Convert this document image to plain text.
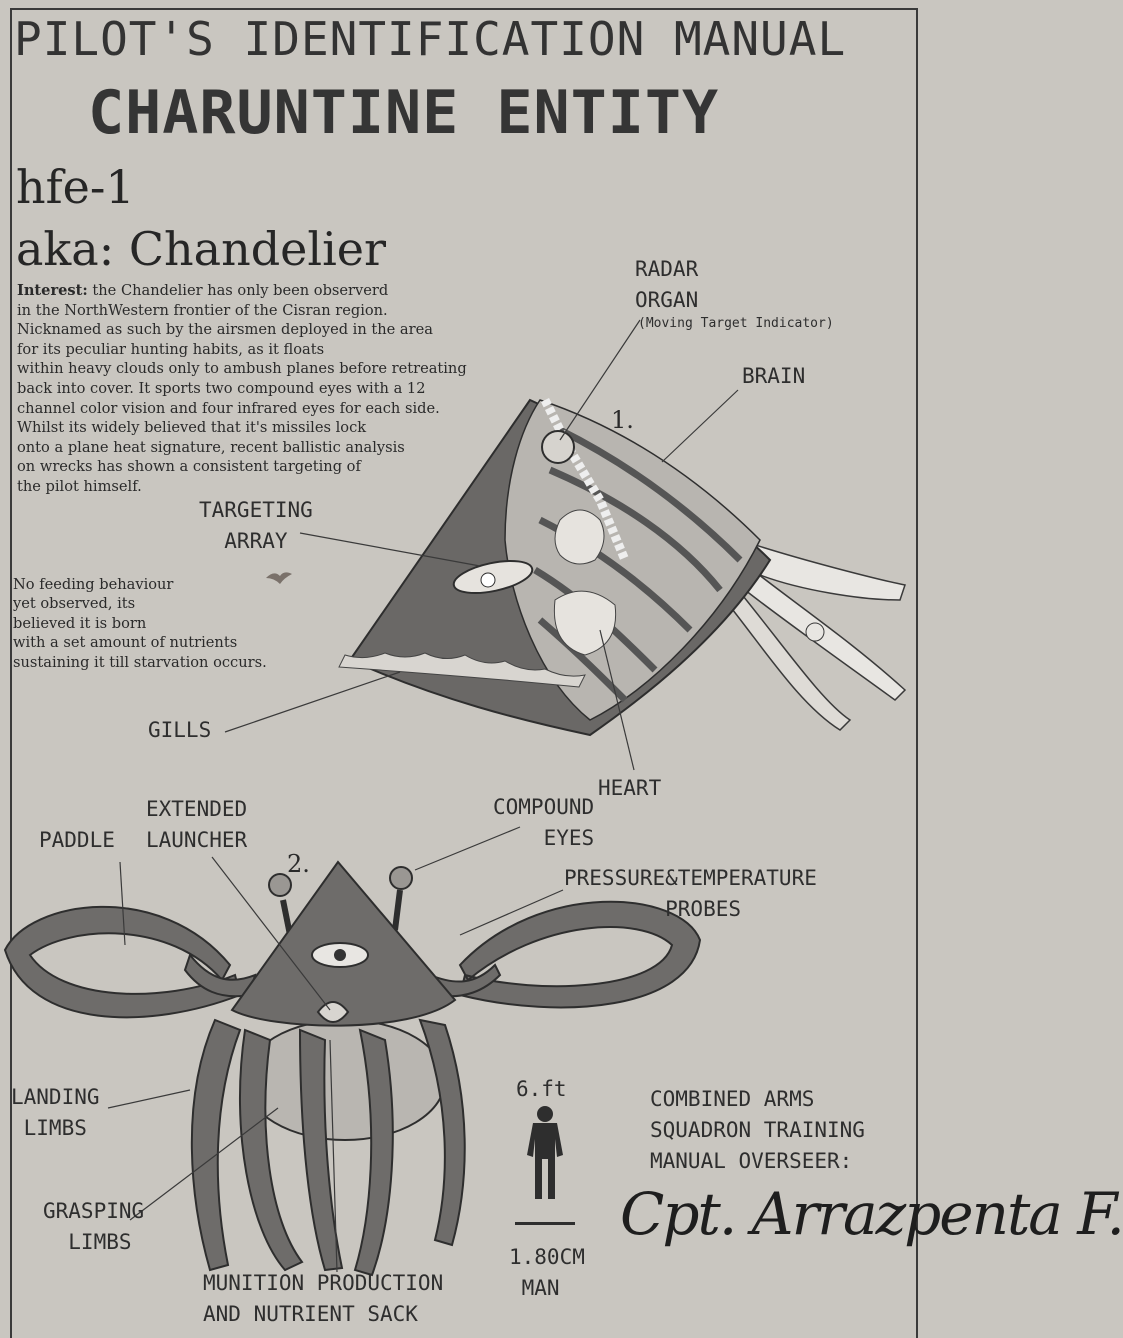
PILOT'S IDENTIFICATION MANUAL
CHARUNTINE ENTITY
hfe-1
aka: Chandelier
Interest: the Chandelier has only been observerd
in the NorthWestern frontier of the Cisran region.
Nicknamed as such by the airsmen deployed in the area
for its peculiar hunting habits, as it floats
within heavy clouds only to ambush planes before retreating
back into cover. It sports two compound eyes with a 12
channel color vision and four infrared eyes for each side.
Whilst its widely believed that it's missiles lock
onto a plane heat signature, recent ballistic analysis
on wrecks has shown a consistent targeting of
the pilot himself.
No feeding behaviour
yet observed, its
believed it is born
with a set amount of nutrients
sustaining it till starvation occurs.
1.
RADAR
ORGAN
(Moving Target Indicator)
BRAIN
TARGETING
ARRAY
GILLS
HEART
2.
PADDLE
EXTENDED
LAUNCHER
COMPOUND
EYES
PRESSURE&TEMPERATURE
PROBES
LANDING
LIMBS
GRASPING
LIMBS
MUNITION PRODUCTION
AND NUTRIENT SACK
6.ft
1.80CM
MAN
COMBINED ARMS
SQUADRON TRAINING
MANUAL OVERSEER:
Cpt. Arrazpenta F.
